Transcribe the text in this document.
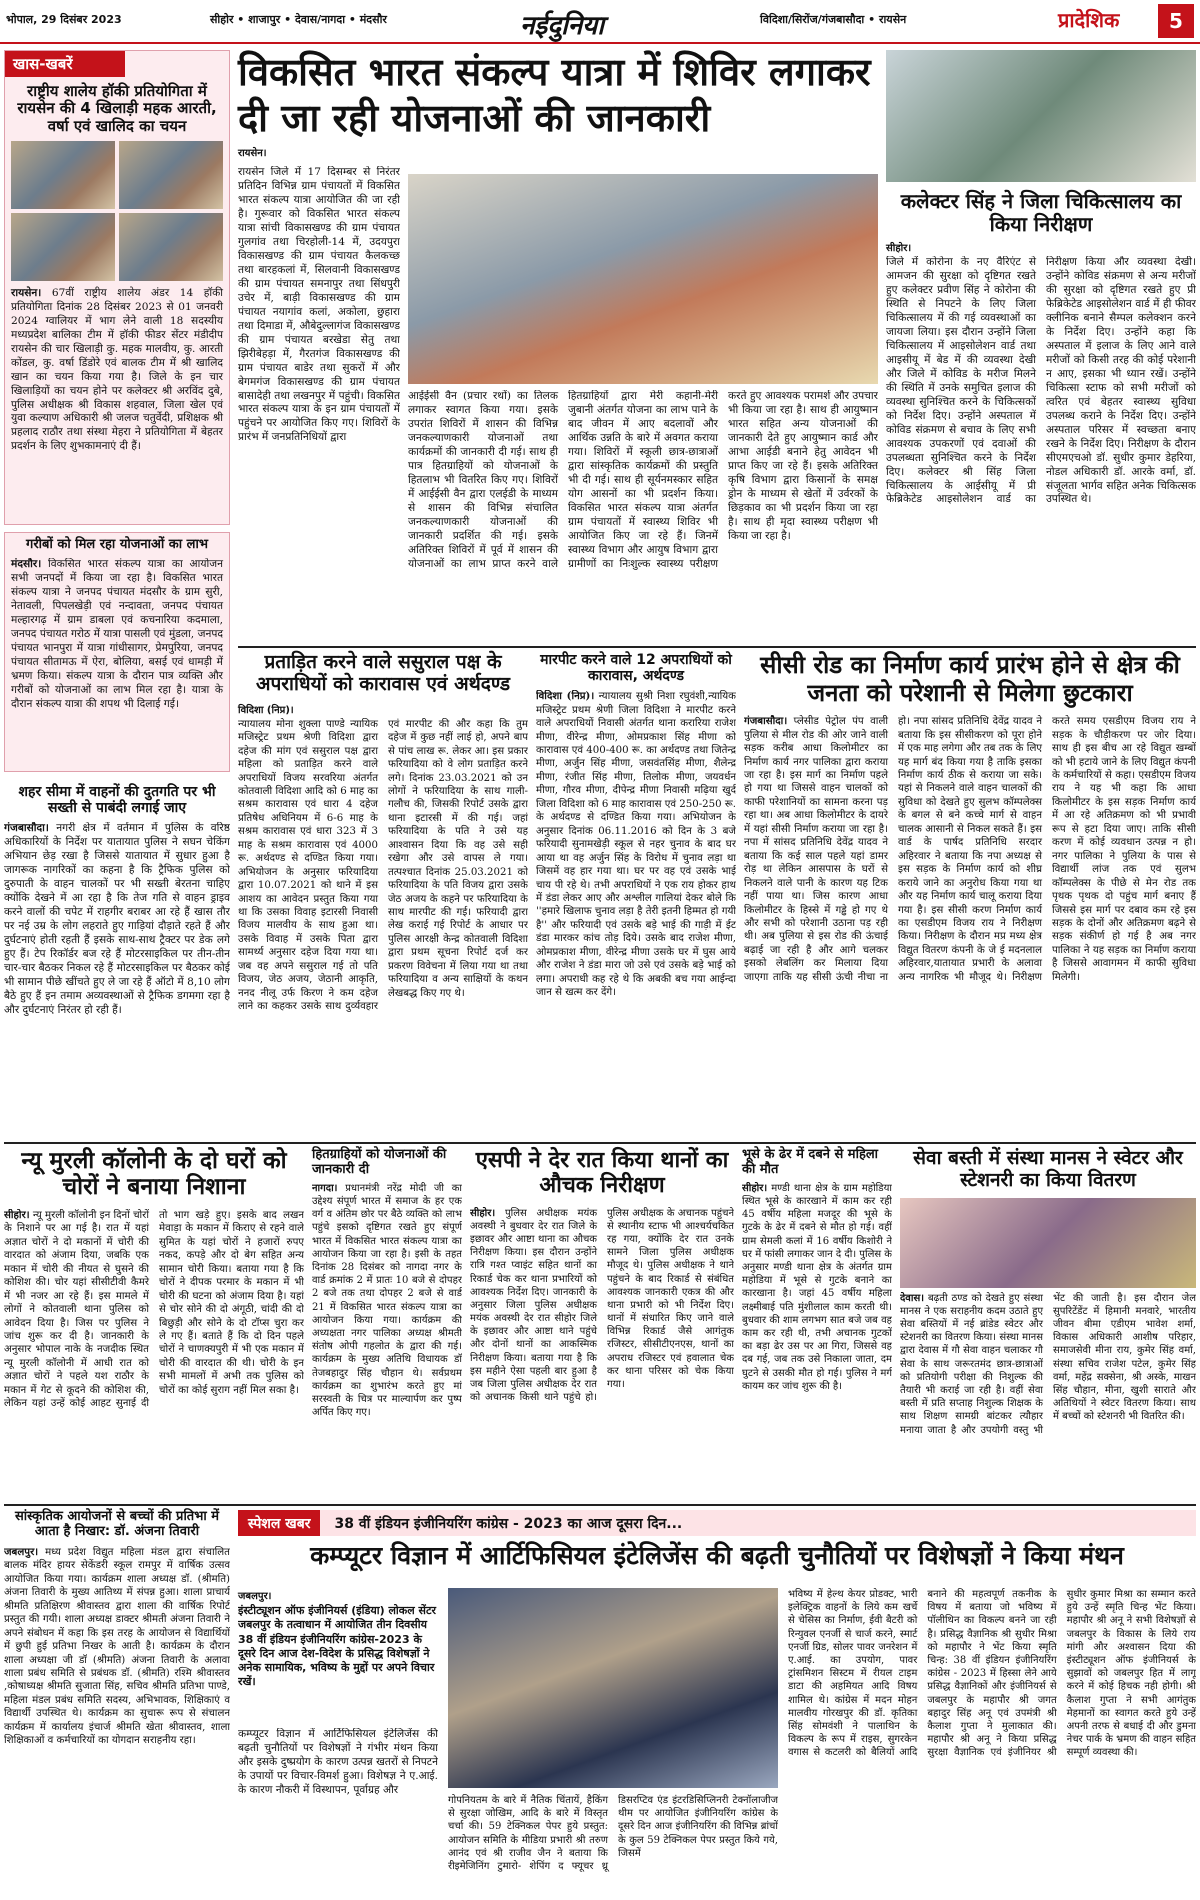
भोपाल, 29 दिसंबर 2023	सीहोर • शाजापुर • देवास/नागदा • मंदसौर	नईदुनिया	विदिशा/सिरोंज/गंजबासौदा • रायसेन	प्रादेशिक	5
खास-खबरें
राष्ट्रीय शालेय हॉकी प्रतियोगिता में रायसेन की 4 खिलाड़ी महक आरती, वर्षा एवं खालिद का चयन
रायसेन। 67वीं राष्ट्रीय शालेय अंडर 14 हॉकी प्रतियोगिता दिनांक 28 दिसंबर 2023 से 01 जनवरी 2024 ग्वालियर में भाग लेने वाली 18 सदस्यीय मध्यप्रदेश बालिका टीम में हॉकी फीडर सेंटर मंडीदीप रायसेन की चार खिलाड़ी कु. महक मालवीय, कु. आरती कोंडल, कु. वर्षा डिंडोरे एवं बालक टीम में श्री खालिद खान का चयन किया गया है। जिले के इन चार खिलाड़ियों का चयन होने पर कलेक्टर श्री अरविंद दुबे, पुलिस अधीक्षक श्री विकास शहवाल, जिला खेल एवं युवा कल्याण अधिकारी श्री जलज चतुर्वेदी, प्रशिक्षक श्री प्रहलाद राठौर तथा संस्था मेहरा ने प्रतियोगिता में बेहतर प्रदर्शन के लिए शुभकामनाएं दी हैं।
गरीबों को मिल रहा योजनाओं का लाभ
मंदसौर। विकसित भारत संकल्प यात्रा का आयोजन सभी जनपदों में किया जा रहा है। विकसित भारत संकल्प यात्रा ने जनपद पंचायत मंदसौर के ग्राम सुरी, नेतावली, पिपलखेड़ी एवं नन्दावता, जनपद पंचायत मल्हारगढ़ में ग्राम डाबला एवं कचनारिया कदमाला, जनपद पंचायत गरोठ में यात्रा पासली एवं मुंडला, जनपद पंचायत भानपुरा में यात्रा गांधीसागर, प्रेमपुरिया, जनपद पंचायत सीतामऊ में ऐरा, बोलिया, बसई एवं धामड़ी में भ्रमण किया। संकल्प यात्रा के दौरान पात्र व्यक्ति और गरीबों को योजनाओं का लाभ मिल रहा है। यात्रा के दौरान संकल्प यात्रा की शपथ भी दिलाई गई।
शहर सीमा में वाहनों की दुतगति पर भी सख्ती से पाबंदी लगाई जाए
गंजबासौदा। नगरी क्षेत्र में वर्तमान में पुलिस के वरिष्ठ अधिकारियों के निर्देश पर यातायात पुलिस ने सघन चेकिंग अभियान छेड़ रखा है जिससे यातायात में सुधार हुआ है जागरूक नागरिकों का कहना है कि ट्रैफिक पुलिस को दुरुपाती के वाहन चालकों पर भी सख्ती बेरतना चाहिए क्योंकि देखने में आ रहा है कि तेज गति से वाहन ड्राइव करने वालों की चपेट में राहगीर बराबर आ रहे हैं खास तौर पर नई उम्र के लोग लहराते हुए गाड़ियां दौड़ाते रहते हैं और दुर्घटनाएं होती रहती हैं इसके साथ-साथ ट्रैक्टर पर डेक लगे हुए हैं। टेप रिकॉर्डर बज रहे हैं मोटरसाइकिल पर तीन-तीन चार-चार बैठकर निकल रहे हैं मोटरसाइकिल पर बैठकर कोई भी सामान पीछे खींचते हुए ले जा रहे हैं ऑटो में 8,10 लोग बैठे हुए हैं इन तमाम अव्यवस्थाओं से ट्रैफिक डगमगा रहा है और दुर्घटनाएं निरंतर हो रही हैं।
विकसित भारत संकल्प यात्रा में शिविर लगाकर दी जा रही योजनाओं की जानकारी
रायसेन।
रायसेन जिले में 17 दिसम्बर से निरंतर प्रतिदिन विभिन्न ग्राम पंचायतों में विकसित भारत संकल्प यात्रा आयोजित की जा रही है। गुरूवार को विकसित भारत संकल्प यात्रा सांची विकासखण्ड की ग्राम पंचायत गुलगांव तथा चिरहोली-14 में, उदयपुरा विकासखण्ड की ग्राम पंचायत कैलकच्छ तथा बारहकलां में, सिलवानी विकासखण्ड की ग्राम पंचायत समनापुर तथा सिंधपुरी उचेर में, बाड़ी विकासखण्ड की ग्राम पंचायत नयागांव कलां, अकोला, छुहारा तथा दिमाडा में, औबेदुल्लागंज विकासखण्ड की ग्राम पंचायत बरखेडा सेतु तथा झिरीबेहड़ा में, गैरतगंज विकासखण्ड की ग्राम पंचायत बाडेर तथा सुकरों में और बेगमगंज विकासखण्ड की ग्राम पंचायत बासादेही तथा लखनपुर में पहुंची। विकसित भारत संकल्प यात्रा के इन ग्राम पंचायतों में पहुंचने पर आयोजित किए गए। शिविरों के प्रारंभ में जनप्रतिनिधियों द्वारा
आईईसी वैन (प्रचार रथों) का तिलक लगाकर स्वागत किया गया। इसके उपरांत शिविरों में शासन की विभिन्न जनकल्याणकारी योजनाओं तथा कार्यक्रमों की जानकारी दी गई। साथ ही पात्र हितग्राहियों को योजनाओं के हितलाभ भी वितरित किए गए। शिविरों में आईईसी वैन द्वारा एलईडी के माध्यम से शासन की विभिन्न संचालित जनकल्याणकारी योजनाओं की जानकारी प्रदर्शित की गई। इसके अतिरिक्त शिविरों में पूर्व में शासन की योजनाओं का लाभ प्राप्त करने वाले हितग्राहियों द्वारा मेरी कहानी-मेरी जुबानी अंतर्गत योजना का लाभ पाने के बाद जीवन में आए बदलावों और आर्थिक उन्नति के बारे में अवगत कराया गया। शिविरों में स्कूली छात्र-छात्राओं द्वारा सांस्कृतिक कार्यक्रमों की प्रस्तुति भी दी गई। साथ ही सूर्यनमस्कार सहित योग आसनों का भी प्रदर्शन किया। विकसित भारत संकल्प यात्रा अंतर्गत ग्राम पंचायतों में स्वास्थ्य शिविर भी आयोजित किए जा रहे हैं। जिनमें स्वास्थ्य विभाग और आयुष विभाग द्वारा ग्रामीणों का निःशुल्क स्वास्थ्य परीक्षण करते हुए आवश्यक परामर्श और उपचार भी किया जा रहा है। साथ ही आयुष्मान भारत सहित अन्य योजनाओं की जानकारी देते हुए आयुष्मान कार्ड और आभा आईडी बनाने हेतु आवेदन भी प्राप्त किए जा रहे हैं। इसके अतिरिक्त कृषि विभाग द्वारा किसानों के समक्ष ड्रोन के माध्यम से खेतों में उर्वरकों के छिड़काव का भी प्रदर्शन किया जा रहा है। साथ ही मृदा स्वास्थ्य परीक्षण भी किया जा रहा है।
कलेक्टर सिंह ने जिला चिकित्सालय का किया निरीक्षण
सीहोर।
जिले में कोरोना के नए वैरिएंट से आमजन की सुरक्षा को दृष्टिगत रखते हुए कलेक्टर प्रवीण सिंह ने कोरोना की स्थिति से निपटने के लिए जिला चिकित्सालय में की गई व्यवस्थाओं का जायजा लिया। इस दौरान उन्होंने जिला चिकित्सालय में आइसोलेशन वार्ड तथा आइसीयू में बेड में की व्यवस्था देखी और जिले में कोविड के मरीज मिलने की स्थिति में उनके समुचित इलाज की व्यवस्था सुनिश्चित करने के चिकित्सकों को निर्देश दिए। उन्होंने अस्पताल में कोविड संक्रमण से बचाव के लिए सभी आवश्यक उपकरणों एवं दवाओं की उपलब्धता सुनिश्चित करने के निर्देश दिए। कलेक्टर श्री सिंह जिला चिकित्सालय के आईसीयू में प्री फेब्रिकेटेड आइसोलेशन वार्ड का निरीक्षण किया और व्यवस्था देखी। उन्होंने कोविड संक्रमण से अन्य मरीजों की सुरक्षा को दृष्टिगत रखते हुए प्री फेब्रिकेटेड आइसोलेशन वार्ड में ही फीवर क्लीनिक बनाने सैम्पल कलेक्शन करने के निर्देश दिए। उन्होंने कहा कि अस्पताल में इलाज के लिए आने वाले मरीजों को किसी तरह की कोई परेशानी न आए, इसका भी ध्यान रखें। उन्होंने चिकित्सा स्टाफ को सभी मरीजों को त्वरित एवं बेहतर स्वास्थ्य सुविधा उपलब्ध कराने के निर्देश दिए। उन्होंने अस्पताल परिसर में स्वच्छता बनाए रखने के निर्देश दिए। निरीक्षण के दौरान सीएमएचओ डॉ. सुधीर कुमार डेहरिया, नोडल अधिकारी डॉ. आरके वर्मा, डॉ. संजूलता भार्गव सहित अनेक चिकित्सक उपस्थित थे।
प्रताड़ित करने वाले ससुराल पक्ष के अपराधियों को कारावास एवं अर्थदण्ड
विदिशा (निप्र)।
न्यायालय मोना शुक्ला पाण्डे न्यायिक मजिस्ट्रेट प्रथम श्रेणी विदिशा द्वारा दहेज की मांग एवं ससुराल पक्ष द्वारा महिला को प्रताड़ित करने वाले अपराधियों विजय सरवरिया अंतर्गत कोतवाली विदिशा आदि को 6 माह का सश्रम कारावास एवं धारा 4 दहेज प्रतिषेध अधिनियम में 6-6 माह के सश्रम कारावास एवं धारा 323 में 3 माह के सश्रम कारावास एवं 4000 रू. अर्थदण्ड से दण्डित किया गया। अभियोजन के अनुसार फरियादिया द्वारा 10.07.2021 को थाने में इस आशय का आवेदन प्रस्तुत किया गया था कि उसका विवाह इटारसी निवासी विजय मालवीय के साथ हुआ था। उसके विवाह में उसके पिता द्वारा सामर्थ्य अनुसार दहेज दिया गया था। जब वह अपने ससुराल गई तो पति विजय, जेठ अजय, जेठानी आकृति, ननद नीलू उर्फ किरण ने कम दहेज लाने का कहकर उसके साथ दुर्व्यवहार एवं मारपीट की और कहा कि तुम दहेज में कुछ नहीं लाई हो, अपने बाप से पांच लाख रू. लेकर आ। इस प्रकार फरियादिया को वे लोग प्रताड़ित करने लगे। दिनांक 23.03.2021 को उन लोगों ने फरियादिया के साथ गाली-गलौच की, जिसकी रिपोर्ट उसके द्वारा थाना इटारसी में की गई। जहां फरियादिया के पति ने उसे यह आश्वासन दिया कि वह उसे सही रखेगा और उसे वापस ले गया। तत्पश्चात दिनांक 25.03.2021 को फरियादिया के पति विजय द्वारा उसके जेठ अजय के कहने पर फरियादिया के साथ मारपीट की गई। फरियादी द्वारा लेख कराई गई रिपोर्ट के आधार पर पुलिस आरक्षी केन्द्र कोतवाली विदिशा द्वारा प्रथम सूचना रिपोर्ट दर्ज कर प्रकरण विवेचना में लिया गया था तथा फरियादिया व अन्य साक्षियों के कथन लेखबद्ध किए गए थे।
मारपीट करने वाले 12 अपराधियों को कारावास, अर्थदण्ड
विदिशा (निप्र)। न्यायालय सुश्री निशा रघुवंशी,न्यायिक मजिस्ट्रेट प्रथम श्रेणी जिला विदिशा ने मारपीट करने वाले अपराधियों निवासी अंतर्गत थाना करारिया राजेश मीणा, वीरेन्द्र मीणा, ओमप्रकाश सिंह मीणा को कारावास एवं 400-400 रू. का अर्थदण्ड तथा जितेन्द्र मीणा, अर्जुन सिंह मीणा, जसवंतसिंह मीणा, शैलेन्द्र मीणा, रंजीत सिंह मीणा, तिलोक मीणा, जयवर्धन मीणा, गौरव मीणा, दीपेन्द्र मीणा निवासी मढ़िया खुर्द जिला विदिशा को 6 माह कारावास एवं 250-250 रू. के अर्थदण्ड से दण्डित किया गया। अभियोजन के अनुसार दिनांक 06.11.2016 को दिन के 3 बजे फरियादी सुनामखेड़ी स्कूल से नहर चुनाव के बाद घर आया था वह अर्जुन सिंह के विरोध में चुनाव लड़ा था जिसमें वह हार गया था। घर पर वह एवं उसके भाई चाय पी रहे थे। तभी अपराधियों ने एक राय होकर हाथ में डंडा लेकर आए और अश्लील गालियां देकर बोले कि ''हमारे खिलाफ चुनाव लड़ा है तेरी इतनी हिम्मत हो गयी है'' और फरियादी एवं उसके बड़े भाई की गाड़ी में ईट डंडा मारकर कांच तोड़ दिये। उसके बाद राजेश मीणा, ओमप्रकाश मीणा, वीरेन्द्र मीणा उसके घर में घुस आये और राजेश ने डंडा मारा जो उसे एवं उसके बड़े भाई को लगा। अपराधी कह रहे थे कि अबकी बच गया आईन्दा जान से खत्म कर देंगे।
सीसी रोड का निर्माण कार्य प्रारंभ होने से क्षेत्र की जनता को परेशानी से मिलेगा छुटकारा
गंजबासौदा। प्लेसीड पेट्रोल पंप वाली पुलिया से मील रोड की ओर जाने वाली सड़क करीब आधा किलोमीटर का निर्माण कार्य नगर पालिका द्वारा कराया जा रहा है। इस मार्ग का निर्माण पहले हो गया था जिससे वाहन चालकों को काफी परेशानियों का सामना करना पड़ रहा था। अब आधा किलोमीटर के दायरे में यहां सीसी निर्माण कराया जा रहा है। नपा में सांसद प्रतिनिधि देवेंद्र यादव ने बताया कि कई साल पहले यहां डामर रोड़ था लेकिन आसपास के घरों से निकलने वाले पानी के कारण यह टिक नहीं पाया था। जिस कारण आधा किलोमीटर के हिस्से में गड्ढे हो गए थे और सभी को परेशानी उठाना पड़ रही थी। अब पुलिया से इस रोड की ऊंचाई बढ़ाई जा रही है और आगे चलकर इसको लेबलिंग कर मिलाया दिया जाएगा ताकि यह सीसी ऊंची नीचा ना हो। नपा सांसद प्रतिनिधि देवेंद्र यादव ने बताया कि इस सीसीकरण को पूरा होने में एक माह लगेगा और तब तक के लिए यह मार्ग बंद किया गया है ताकि इसका निर्माण कार्य ठीक से कराया जा सके। यहां से निकलने वाले वाहन चालकों की सुविधा को देखते हुए सुलभ कॉम्पलेक्स के बगल से बने कच्चे मार्ग से वाहन चालक आसानी से निकल सकते हैं। इस वार्ड के पार्षद प्रतिनिधि सरदार अहिरवार ने बताया कि नपा अध्यक्ष से इस सड़क के निर्माण कार्य को शीघ्र कराये जाने का अनुरोध किया गया था और यह निर्माण कार्य चालू कराया दिया गया है। इस सीसी करण निर्माण कार्य का एसडीएम विजय राय ने निरीक्षण किया। निरीक्षण के दौरान मप्र मध्य क्षेत्र विद्युत वितरण कंपनी के जे ई मदनलाल अहिरवार,यातायात प्रभारी के अलावा अन्य नागरिक भी मौजूद थे। निरीक्षण करते समय एसडीएम विजय राय ने सड़क के चौड़ीकरण पर जोर दिया। साथ ही इस बीच आ रहे विद्युत खम्बों को भी हटाये जाने के लिए विद्युत कंपनी के कर्मचारियों से कहा। एसडीएम विजय राय ने यह भी कहा कि आधा किलोमीटर के इस सड़क निर्माण कार्य में आ रहे अतिक्रमण को भी प्रभावी रूप से हटा दिया जाए। ताकि सीसी करण में कोई व्यवधान उत्पन्न न हो। नगर पालिका ने पुलिया के पास से विद्यार्थी लांज तक एवं सुलभ कॉम्पलेक्स के पीछे से मेन रोड तक पृथक पृथक दो पहुंच मार्ग बनाए हैं जिससे इस मार्ग पर दबाव कम रहे इस सड़क के दोनों और अतिक्रमण बढ़ने से सड़क संकीर्ण हो गई है अब नगर पालिका ने यह सड़क का निर्माण कराया है जिससे आवागमन में काफी सुविधा मिलेगी।
न्यू मुरली कॉलोनी के दो घरों को चोरों ने बनाया निशाना
सीहोर। न्यू मुरली कॉलोनी इन दिनों चोरों के निशाने पर आ गई है। रात में यहां अज्ञात चोरों ने दो मकानों में चोरी की वारदात को अंजाम दिया, जबकि एक मकान में चोरी की नीयत से घुसने की कोशिश की। चोर यहां सीसीटीवी कैमरे में भी नजर आ रहे हैं। इस मामले में लोगों ने कोतवाली थाना पुलिस को आवेदन दिया है। जिस पर पुलिस ने जांच शुरू कर दी है। जानकारी के अनुसार भोपाल नाके के नजदीक स्थित न्यू मुरली कॉलोनी में आधी रात को अज्ञात चोरों ने पहले यश राठौर के मकान में गेट से कूदने की कोशिश की, लेकिन यहां उन्हें कोई आहट सुनाई दी तो भाग खड़े हुए। इसके बाद लखन मेवाड़ा के मकान में किराए से रहने वाले सुमित के यहां चोरों ने हजारों रुपए नकद, कपड़े और दो बेग सहित अन्य सामान चोरी किया। बताया गया है कि चोरों ने दीपक परमार के मकान में भी चोरी की घटना को अंजाम दिया है। यहां से चोर सोने की दो अंगूठी, चांदी की दो बिछुड़ी और सोने के दो टॉप्स चुरा कर ले गए हैं। बताते हैं कि दो दिन पहले चोरों ने चाणक्यपुरी में भी एक मकान में चोरी की वारदात की थी। चोरी के इन सभी मामलों में अभी तक पुलिस को चोरों का कोई सुराग नहीं मिल सका है।
हितग्राहियों को योजनाओं की जानकारी दी
नागदा। प्रधानमंत्री नरेंद्र मोदी जी का उद्देश्य संपूर्ण भारत में समाज के हर एक वर्ग व अंतिम छोर पर बैठे व्यक्ति को लाभ पहुंचे इसको दृष्टिगत रखते हुए संपूर्ण भारत में विकसित भारत संकल्प यात्रा का आयोजन किया जा रहा है। इसी के तहत दिनांक 28 दिसंबर को नागदा नगर के वार्ड क्रमांक 2 में प्रातः 10 बजे से दोपहर 2 बजे तक तथा दोपहर 2 बजे से वार्ड 21 में विकसित भारत संकल्प यात्रा का आयोजन किया गया। कार्यक्रम की अध्यक्षता नगर पालिका अध्यक्ष श्रीमती संतोष ओपी गहलोत के द्वारा की गई। कार्यक्रम के मुख्य अतिथि विधायक डॉ तेजबहादुर सिंह चौहान थे। सर्वप्रथम कार्यक्रम का शुभारंभ करते हुए मां सरस्वती के चित्र पर माल्यार्पण कर पुष्प अर्पित किए गए।
एसपी ने देर रात किया थानों का औचक निरीक्षण
सीहोर। पुलिस अधीक्षक मयंक अवस्थी ने बुधवार देर रात जिले के इछावर और आष्टा थाना का औचक निरीक्षण किया। इस दौरान उन्होंने रात्रि गश्त प्वाइंट सहित थानों का रिकार्ड चेक कर थाना प्रभारियों को आवश्यक निर्देश दिए। जानकारी के अनुसार जिला पुलिस अधीक्षक मयंक अवस्थी देर रात सीहोर जिले के इछावर और आष्टा थाने पहुंचे और दोनों थानों का आकस्मिक निरीक्षण किया। बताया गया है कि इस महीने ऐसा पहली बार हुआ है जब जिला पुलिस अधीक्षक देर रात को अचानक किसी थाने पहुंचे हो। पुलिस अधीक्षक के अचानक पहुंचने से स्थानीय स्टाफ भी आश्चर्यचकित रह गया, क्योंकि देर रात उनके सामने जिला पुलिस अधीक्षक मौजूद थे। पुलिस अधीक्षक ने थाने पहुंचने के बाद रिकार्ड से संबंधित आवश्यक जानकारी एकत्र की और थाना प्रभारी को भी निर्देश दिए। थानों में संधारित किए जाने वाले विभिन्न रिकार्ड जैसे आगंतुक रजिस्टर, सीसीटीएनएस, थानों का अपराध रजिस्टर एवं हवालात चेक कर थाना परिसर को चेक किया गया।
भूसे के ढेर में दबने से महिला की मौत
सीहोर। मण्डी थाना क्षेत्र के ग्राम महोडिया स्थित भूसे के कारखाने में काम कर रही 45 वर्षीय महिला मजदूर की भूसे के गुटके के ढेर में दबने से मौत हो गई। वहीं ग्राम सेमली कलां में 16 वर्षीय किशोरी ने घर में फांसी लगाकर जान दे दी। पुलिस के अनुसार मण्डी थाना क्षेत्र के अंतर्गत ग्राम महोडिया में भूसे से गुटके बनाने का कारखाना है। जहां 45 वर्षीय महिला लक्ष्मीबाई पति मुंशीलाल काम करती थी। बुधवार की शाम लगभग सात बजे जब वह काम कर रही थी, तभी अचानक गुटकों का बड़ा ढेर उस पर आ गिरा, जिससे वह दब गई, जब तक उसे निकाला जाता, दम घुटने से उसकी मौत हो गई। पुलिस ने मर्ग कायम कर जांच शुरू की है।
सेवा बस्ती में संस्था मानस ने स्वेटर और स्टेशनरी का किया वितरण
देवास। बढ़ती ठण्ड को देखते हुए संस्था मानस ने एक सराहनीय कदम उठाते हुए सेवा बस्तियों में नई ब्रांडेड स्वेटर और स्टेशनरी का वितरण किया। संस्था मानस द्वारा देवास में गौ सेवा वाहन चलाकर गौ सेवा के साथ जरूरतमंद छात्र-छात्राओं को प्रतियोगी परीक्षा की निशुल्क की तैयारी भी कराई जा रही है। वहीं सेवा बस्ती में प्रति सप्ताह निशुल्क शिक्षक के साथ शिक्षण सामग्री बांटकर त्यौहार मनाया जाता है और उपयोगी वस्तु भी भेंट की जाती है। इस दौरान जेल सुपरिटेंडेंट में हिमानी मनवारे, भारतीय जीवन बीमा एडीएम भावेश शर्मा, विकास अधिकारी आशीष परिहार, समाजसेवी मीना राय, कुमेर सिंह वर्मा, संस्था सचिव राजेश पटेल, कुमेर सिंह वर्मा, महेंद्र सक्सेना, श्री अस्के, माखन सिंह चौहान, मीना, खुशी साराते और अतिथियों ने स्वेटर वितरण किया। साथ में बच्चों को स्टेशनरी भी वितरित की।
सांस्कृतिक आयोजनों से बच्चों की प्रतिभा में आता है निखार: डॉ. अंजना तिवारी
जबलपुर। मध्य प्रदेश विद्युत महिला मंडल द्वारा संचालित बालक मंदिर हायर सेकेंडरी स्कूल रामपुर में वार्षिक उत्सव आयोजित किया गया। कार्यक्रम शाला अध्यक्ष डॉ. (श्रीमति) अंजना तिवारी के मुख्य आतिथ्य में संपन्न हुआ। शाला प्राचार्य श्रीमति प्रतिक्षिरण श्रीवास्तव द्वारा शाला की वार्षिक रिपोर्ट प्रस्तुत की गयी। शाला अध्यक्ष डाक्टर श्रीमती अंजना तिवारी ने अपने संबोधन में कहा कि इस तरह के आयोजन से विद्यार्थियों में छुपी हुई प्रतिभा निखर के आती है। कार्यक्रम के दौरान शाला अध्यक्षा जी डॉ (श्रीमति) अंजना तिवारी के अलावा शाला प्रबंध समिति से प्रबंधक डॉ. (श्रीमति) रश्मि श्रीवास्तव ,कोषाध्यक्ष श्रीमति सुजाता सिंह, सचिव श्रीमति प्रतिभा पाण्डे, महिला मंडल प्रबंध समिति सदस्य, अभिभावक, शिक्षिकाएं व विद्यार्थी उपस्थित थे। कार्यक्रम का सुचारू रूप से संचालन कार्यक्रम में कार्यालय इंचार्ज श्रीमति खेता श्रीवास्तव, शाला शिक्षिकाओं व कर्मचारियों का योगदान सराहनीय रहा।
स्पेशल खबर	38 वीं इंडियन इंजीनियरिंग कांग्रेस - 2023 का आज दूसरा दिन...
कम्प्यूटर विज्ञान में आर्टिफिसियल इंटेलिजेंस की बढ़ती चुनौतियों पर विशेषज्ञों ने किया मंथन
जबलपुर।
इंस्टीट्यूशन ऑफ इंजीनियर्स (इंडिया) लोकल सेंटर जबलपुर के तत्वाधान में आयोजित तीन दिवसीय 38 वीं इंडियन इंजीनियरिंग कांग्रेस-2023 के दूसरे दिन आज देश-विदेश के प्रसिद्ध विशेषज्ञों ने अनेक सामायिक, भविष्य के मुद्दों पर अपने विचार रखें।
कम्प्यूटर विज्ञान में आर्टिफिसियल इंटेलिजेंस की बढ़ती चुनौतियों पर विशेषज्ञों ने गंभीर मंथन किया और इसके दुष्प्रयोग के कारण उत्पन्न खतरों से निपटने के उपायों पर विचार-विमर्श हुआ। विशेषज्ञ ने ए.आई. के कारण नौकरी में विस्थापन, पूर्वाग्रह और
गोपनियतम के बारे में नैतिक चिंतायें, हैकिंग से सुरक्षा जोखिम, आदि के बारे में विस्तृत चर्चा की। 59 टेक्निकल पेपर हुये प्रस्तुत: आयोजन समिति के मीडिया प्रभारी श्री तरुण आनंद एवं श्री राजीव जैन ने बताया कि रीइमेजिनिंग टुमारो- शेपिंग द फ्यूचर थ्रू डिसरप्टिव एंड इंटरडिसिप्लिनरी टेक्नॉलाजीज थीम पर आयोजित इंजीनियरिंग कांग्रेस के दूसरे दिन आज इंजीनियरिंग की विभिन्न ब्रांचों के कुल 59 टेक्निकल पेपर प्रस्तुत किये गये, जिसमें
भविष्य में हेल्थ केयर प्रोडक्ट, भारी इलेक्ट्रिक वाहनों के लिये कम खर्चे से चेसिस का निर्माण, ईवी बैटरी को रिन्युवल एनर्जी से चार्ज करने, स्मार्ट एनर्जी ग्रिड, सोलर पावर जनरेशन में ए.आई. का उपयोग, पावर ट्रांसमिशन सिस्टम में रीयल टाइम डाटा की अहमियत आदि विषय शामिल थे। कांग्रेस में मदन मोहन मालवीय गोरखपुर की डॉ. कृतिका सिंह सोमवंशी ने पालाथिन के विकल्प के रूप में राइस, सुगरकेन वगास से कटलरी को बैलियों आदि बनाने की महत्वपूर्ण तकनीक के विषय में बताया जो भविष्य में पॉलीथिन का विकल्प बनने जा रही है। प्रसिद्ध वैज्ञानिक श्री सुधीर मिश्रा को महापौर ने भेंट किया स्मृति चिन्ह: 38 वीं इंडियन इंजीनियरिंग कांग्रेस - 2023 में हिस्सा लेने आये प्रसिद्ध वैज्ञानिकों और इंजीनियर्स से जबलपुर के महापौर श्री जगत बहादुर सिंह अनू एवं उपमंत्री श्री कैलाश गुप्ता ने मुलाकात की। महापौर श्री अनू ने किया प्रसिद्ध सुरक्षा वैज्ञानिक एवं इंजीनियर श्री सुधीर कुमार मिश्रा का सम्मान करते हुये उन्हें स्मृति चिन्ह भेंट किया। महापौर श्री अनू ने सभी विशेषज्ञों से जबलपुर के विकास के लिये राय मांगी और अश्वासन दिया की इंस्टीट्यूशन ऑफ इंजीनियर्स के सुझावों को जबलपुर हित में लागू करने में कोई हिचक नही होगी। श्री कैलाश गुप्ता ने सभी आगंतुक मेहमानों का स्वागत करते हुये उन्हें अपनी तरफ से बधाई दी और डुमना नेचर पार्क के भ्रमण की वाहन सहित सम्पूर्ण व्यवस्था की।
